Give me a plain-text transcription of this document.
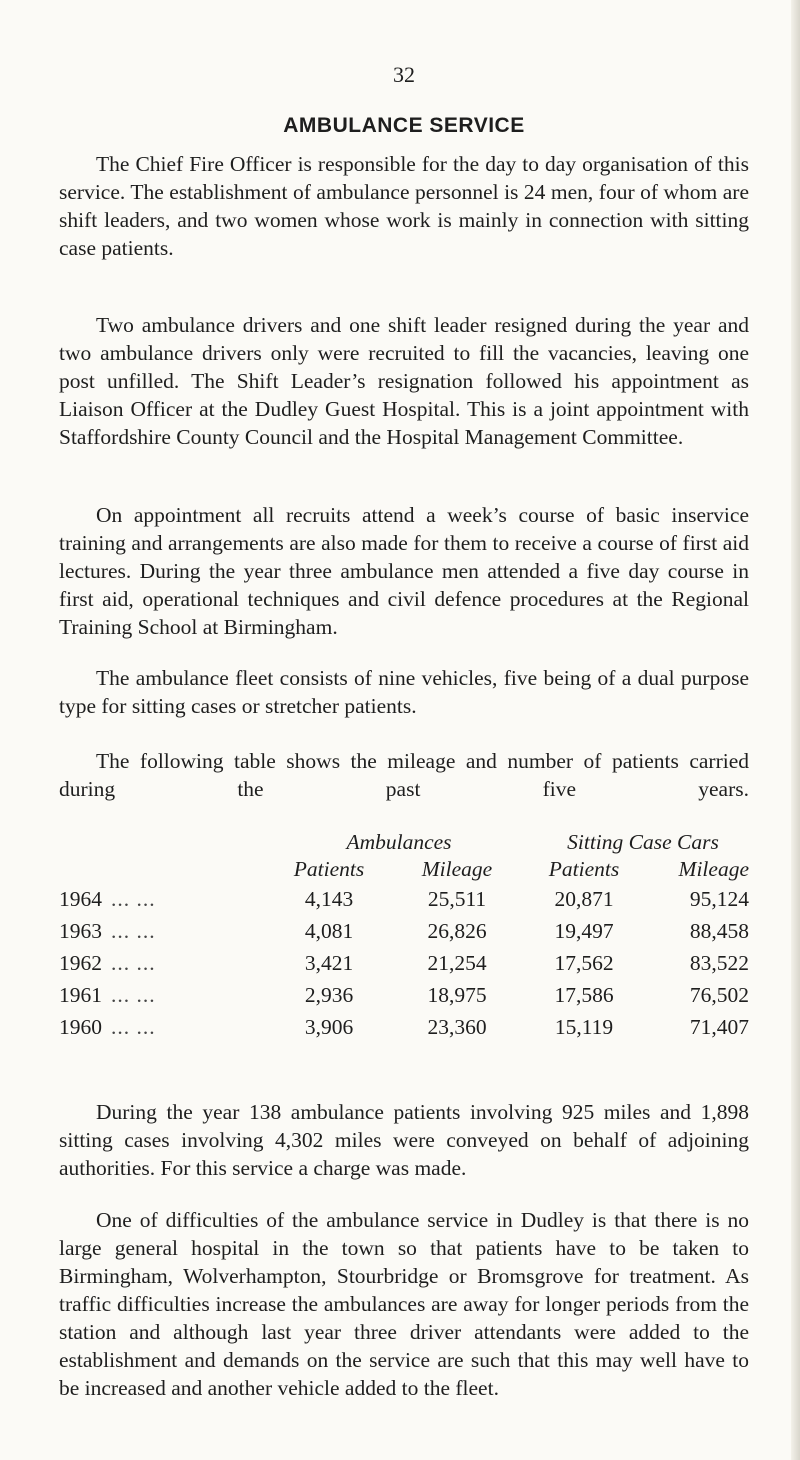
32
AMBULANCE SERVICE

The Chief Fire Officer is responsible for the day to day organisation of this service. The establishment of ambulance personnel is 24 men, four of whom are shift leaders, and two women whose work is mainly in connection with sitting case patients.

Two ambulance drivers and one shift leader resigned during the year and two ambulance drivers only were recruited to fill the vacancies, leaving one post unfilled. The Shift Leader’s resignation followed his appointment as Liaison Officer at the Dudley Guest Hospital. This is a joint appointment with Staffordshire County Council and the Hospital Management Committee.

On appointment all recruits attend a week’s course of basic inservice training and arrangements are also made for them to receive a course of first aid lectures. During the year three ambulance men attended a five day course in first aid, operational techniques and civil defence procedures at the Regional Training School at Birmingham.

The ambulance fleet consists of nine vehicles, five being of a dual purpose type for sitting cases or stretcher patients.

The following table shows the mileage and number of patients carried during the past five years.

	Ambulances		Sitting Case Cars	
	Patients	Mileage	Patients	Mileage
1964 ... ...	4,143	25,511	20,871	95,124
1963 ... ...	4,081	26,826	19,497	88,458
1962 ... ...	3,421	21,254	17,562	83,522
1961 ... ...	2,936	18,975	17,586	76,502
1960 ... ...	3,906	23,360	15,119	71,407

During the year 138 ambulance patients involving 925 miles and 1,898 sitting cases involving 4,302 miles were conveyed on behalf of adjoining authorities. For this service a charge was made.

One of difficulties of the ambulance service in Dudley is that there is no large general hospital in the town so that patients have to be taken to Birmingham, Wolverhampton, Stourbridge or Bromsgrove for treatment. As traffic difficulties increase the ambulances are away for longer periods from the station and although last year three driver attendants were added to the establishment and demands on the service are such that this may well have to be increased and another vehicle added to the fleet.
